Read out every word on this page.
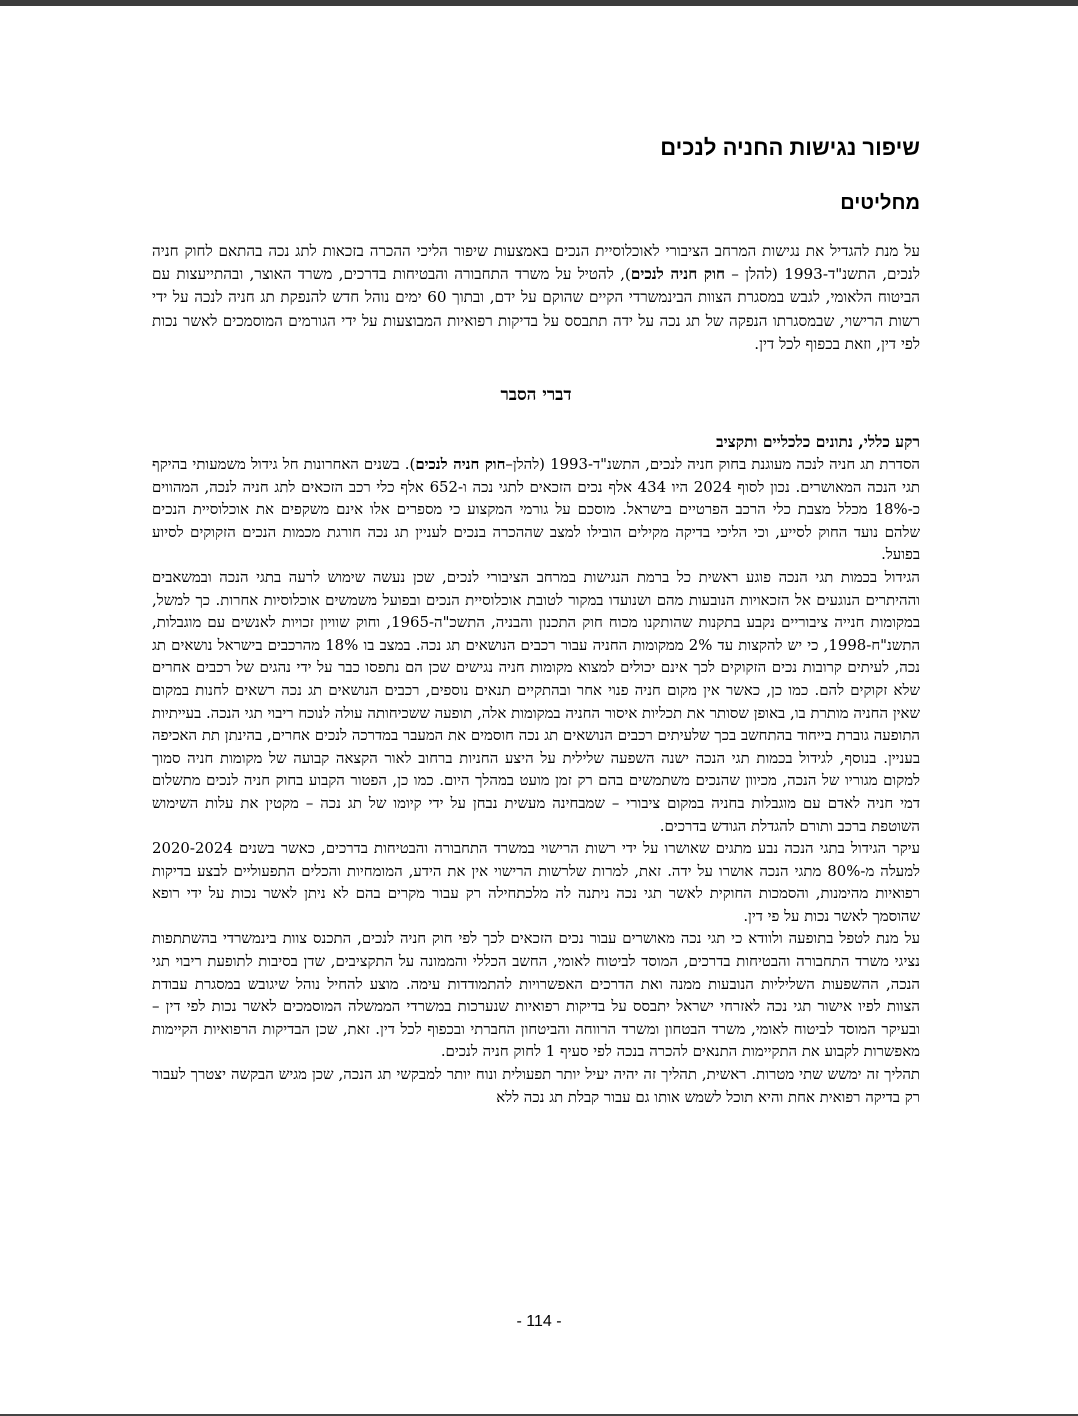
שיפור נגישות החניה לנכים
מחליטים

על מנת להגדיל את נגישות המרחב הציבורי לאוכלוסיית הנכים באמצעות שיפור הליכי ההכרה בזכאות לתג נכה בהתאם לחוק חניה לנכים, התשנ"ד-1993 (להלן – חוק חניה לנכים), להטיל על משרד התחבורה והבטיחות בדרכים, משרד האוצר, ובהתייעצות עם הביטוח הלאומי, לגבש במסגרת הצוות הבינמשרדי הקיים שהוקם על ידם, ובתוך 60 ימים נוהל חדש להנפקת תג חניה לנכה על ידי רשות הרישוי, שבמסגרתו הנפקה של תג נכה על ידה תתבסס על בדיקות רפואיות המבוצעות על ידי הגורמים המוסמכים לאשר נכות לפי דין, וזאת בכפוף לכל דין.

דברי הסבר

רקע כללי, נתונים כלכליים ותקציב

הסדרת תג חניה לנכה מעוגנת בחוק חניה לנכים, התשנ"ד-1993 (להלן–חוק חניה לנכים). בשנים האחרונות חל גידול משמעותי בהיקף תגי הנכה המאושרים. נכון לסוף 2024 היו 434 אלף נכים הזכאים לתגי נכה ו-652 אלף כלי רכב הזכאים לתג חניה לנכה, המהווים כ-18% מכלל מצבת כלי הרכב הפרטיים בישראל. מוסכם על גורמי המקצוע כי מספרים אלו אינם משקפים את אוכלוסיית הנכים שלהם נועד החוק לסייע, וכי הליכי בדיקה מקילים הובילו למצב שההכרה בנכים לעניין תג נכה חורגת מכמות הנכים הזקוקים לסיוע בפועל.

הגידול בכמות תגי הנכה פוגע ראשית כל ברמת הנגישות במרחב הציבורי לנכים, שכן נעשה שימוש לרעה בתגי הנכה ובמשאבים וההיתרים הנוגעים אל הזכאויות הנובעות מהם ושנועדו במקור לטובת אוכלוסיית הנכים ובפועל משמשים אוכלוסיות אחרות. כך למשל, במקומות חנייה ציבוריים נקבע בתקנות שהותקנו מכוח חוק התכנון והבניה, התשכ"ה-1965, וחוק שוויון זכויות לאנשים עם מוגבלות, התשנ"ח-1998, כי יש להקצות עד 2% ממקומות החניה עבור רכבים הנושאים תג נכה. במצב בו 18% מהרכבים בישראל נושאים תג נכה, לעיתים קרובות נכים הזקוקים לכך אינם יכולים למצוא מקומות חניה נגישים שכן הם נתפסו כבר על ידי נהגים של רכבים אחרים שלא זקוקים להם. כמו כן, כאשר אין מקום חניה פנוי אחר ובהתקיים תנאים נוספים, רכבים הנושאים תג נכה רשאים לחנות במקום שאין החניה מותרת בו, באופן שסותר את תכליות איסור החניה במקומות אלה, תופעה ששכיחותה עולה לנוכח ריבוי תגי הנכה. בעייתיות התופעה גוברת בייחוד בהתחשב בכך שלעיתים רכבים הנושאים תג נכה חוסמים את המעבר במדרכה לנכים אחרים, בהינתן תת האכיפה בעניין. בנוסף, לגידול בכמות תגי הנכה ישנה השפעה שלילית על היצע החניות ברחוב לאור הקצאה קבועה של מקומות חניה סמוך למקום מגוריו של הנכה, מכיוון שהנכים משתמשים בהם רק זמן מועט במהלך היום. כמו כן, הפטור הקבוע בחוק חניה לנכים מתשלום דמי חניה לאדם עם מוגבלות בחניה במקום ציבורי – שמבחינה מעשית נבחן על ידי קיומו של תג נכה – מקטין את עלות השימוש השוטפת ברכב ותורם להגדלת הגודש בדרכים.

עיקר הגידול בתגי הנכה נבע מתגים שאושרו על ידי רשות הרישוי במשרד התחבורה והבטיחות בדרכים, כאשר בשנים 2020-2024 למעלה מ-80% מתגי הנכה אושרו על ידה. זאת, למרות שלרשות הרישוי אין את הידע, המומחיות והכלים התפעוליים לבצע בדיקות רפואיות מהימנות, והסמכות החוקית לאשר תגי נכה ניתנה לה מלכתחילה רק עבור מקרים בהם לא ניתן לאשר נכות על ידי רופא שהוסמך לאשר נכות על פי דין.

על מנת לטפל בתופעה ולוודא כי תגי נכה מאושרים עבור נכים הזכאים לכך לפי חוק חניה לנכים, התכנס צוות בינמשרדי בהשתתפות נציגי משרד התחבורה והבטיחות בדרכים, המוסד לביטוח לאומי, החשב הכללי והממונה על התקציבים, שדן בסיבות לתופעת ריבוי תגי הנכה, ההשפעות השליליות הנובעות ממנה ואת הדרכים האפשרויות להתמודדות עימה. מוצע להחיל נוהל שיגובש במסגרת עבודת הצוות לפיו אישור תגי נכה לאזרחי ישראל יתבסס על בדיקות רפואיות שנערכות במשרדי הממשלה המוסמכים לאשר נכות לפי דין – ובעיקר המוסד לביטוח לאומי, משרד הבטחון ומשרד הרווחה והביטחון החברתי ובכפוף לכל דין. זאת, שכן הבדיקות הרפואיות הקיימות מאפשרות לקבוע את התקיימות התנאים להכרה בנכה לפי סעיף 1 לחוק חניה לנכים.

תהליך זה ימשש שתי מטרות. ראשית, תהליך זה יהיה יעיל יותר תפעולית ונוח יותר למבקשי תג הנכה, שכן מגיש הבקשה יצטרך לעבור רק בדיקה רפואית אחת והיא תוכל לשמש אותו גם עבור קבלת תג נכה ללא

- 114 -
